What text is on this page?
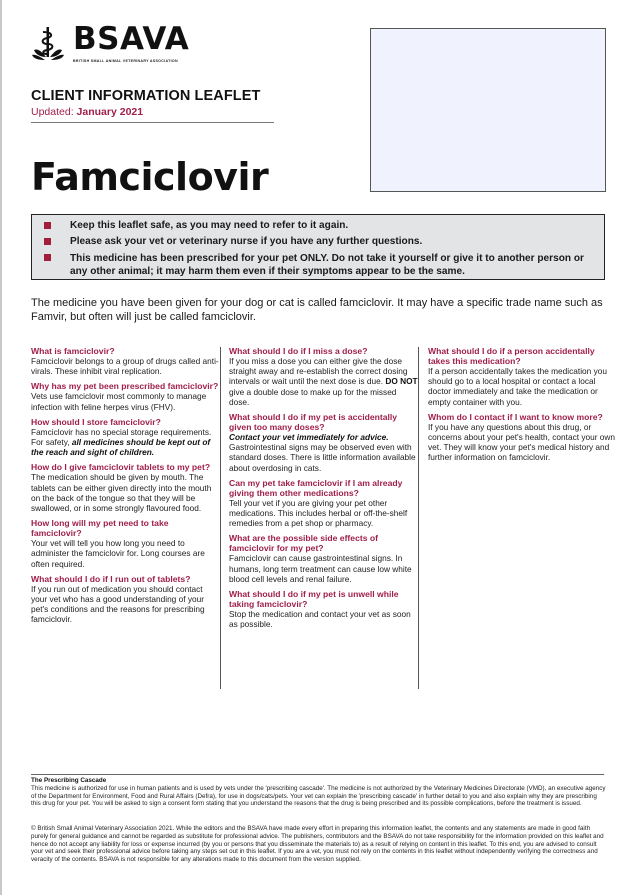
BSAVA
BRITISH SMALL ANIMAL VETERINARY ASSOCIATION
CLIENT INFORMATION LEAFLET
Updated: January 2021
Famciclovir
Keep this leaflet safe, as you may need to refer to it again.
Please ask your vet or veterinary nurse if you have any further questions.
This medicine has been prescribed for your pet ONLY. Do not take it yourself or give it to another person or any other animal; it may harm them even if their symptoms appear to be the same.

The medicine you have been given for your dog or cat is called famciclovir. It may have a specific trade name such as Famvir, but often will just be called famciclovir.

What is famciclovir?
Famciclovir belongs to a group of drugs called anti-virals. These inhibit viral replication.
Why has my pet been prescribed famciclovir?
Vets use famciclovir most commonly to manage infection with feline herpes virus (FHV).
How should I store famciclovir?
Famciclovir has no special storage requirements. For safety, all medicines should be kept out of the reach and sight of children.
How do I give famciclovir tablets to my pet?
The medication should be given by mouth. The tablets can be either given directly into the mouth on the back of the tongue so that they will be swallowed, or in some strongly flavoured food.
How long will my pet need to take famciclovir?
Your vet will tell you how long you need to administer the famciclovir for. Long courses are often required.
What should I do if I run out of tablets?
If you run out of medication you should contact your vet who has a good understanding of your pet's conditions and the reasons for prescribing famciclovir.
What should I do if I miss a dose?
If you miss a dose you can either give the dose straight away and re-establish the correct dosing intervals or wait until the next dose is due. DO NOT give a double dose to make up for the missed dose.
What should I do if my pet is accidentally given too many doses?
Contact your vet immediately for advice. Gastrointestinal signs may be observed even with standard doses. There is little information available about overdosing in cats.
Can my pet take famciclovir if I am already giving them other medications?
Tell your vet if you are giving your pet other medications. This includes herbal or off-the-shelf remedies from a pet shop or pharmacy.
What are the possible side effects of famciclovir for my pet?
Famciclovir can cause gastrointestinal signs. In humans, long term treatment can cause low white blood cell levels and renal failure.
What should I do if my pet is unwell while taking famciclovir?
Stop the medication and contact your vet as soon as possible.
What should I do if a person accidentally takes this medication?
If a person accidentally takes the medication you should go to a local hospital or contact a local doctor immediately and take the medication or empty container with you.
Whom do I contact if I want to know more?
If you have any questions about this drug, or concerns about your pet's health, contact your own vet. They will know your pet's medical history and further information on famciclovir.
The Prescribing Cascade
This medicine is authorized for use in human patients and is used by vets under the 'prescribing cascade'. The medicine is not authorized by the Veterinary Medicines Directorate (VMD), an executive agency of the Department for Environment, Food and Rural Affairs (Defra), for use in dogs/cats/pets. Your vet can explain the 'prescribing cascade' in further detail to you and also explain why they are prescribing this drug for your pet. You will be asked to sign a consent form stating that you understand the reasons that the drug is being prescribed and its possible complications, before the treatment is issued.
© British Small Animal Veterinary Association 2021. While the editors and the BSAVA have made every effort in preparing this information leaflet, the contents and any statements are made in good faith purely for general guidance and cannot be regarded as substitute for professional advice. The publishers, contributors and the BSAVA do not take responsibility for the information provided on this leaflet and hence do not accept any liability for loss or expense incurred (by you or persons that you disseminate the materials to) as a result of relying on content in this leaflet. To this end, you are advised to consult your vet and seek their professional advice before taking any steps set out in this leaflet. If you are a vet, you must not rely on the contents in this leaflet without independently verifying the correctness and veracity of the contents. BSAVA is not responsible for any alterations made to this document from the version supplied.
